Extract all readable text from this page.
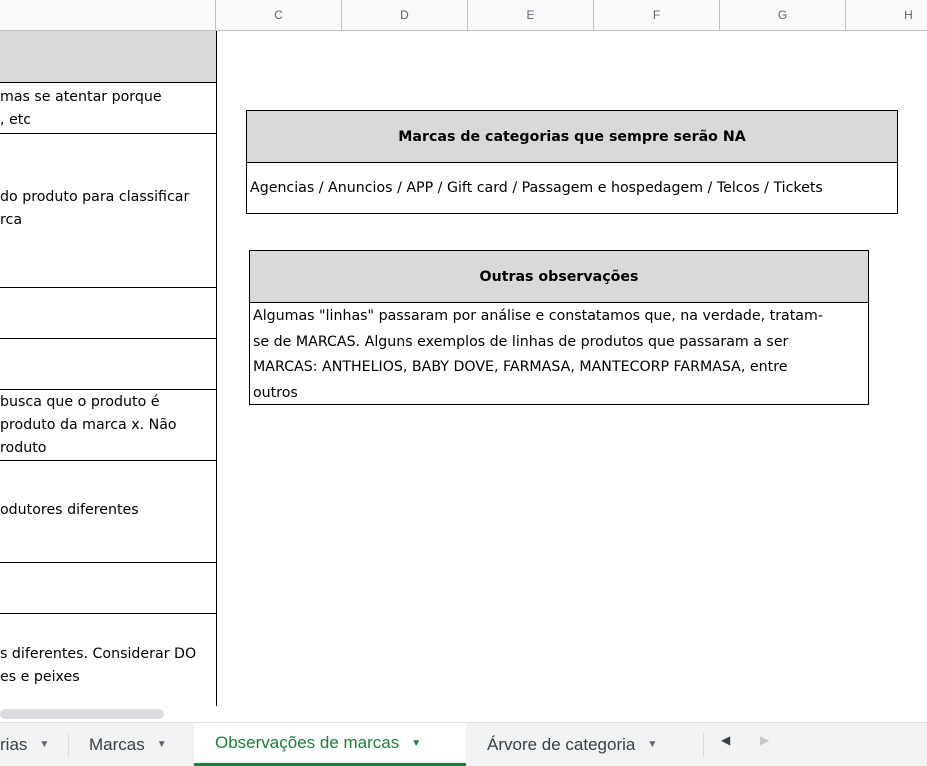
C	D	E	F	G	H
mas se atentar porque
, etc
do produto para classificar
rca
busca que o produto é
produto da marca x. Não
roduto
odutores diferentes
s diferentes. Considerar DO
es e peixes
Marcas de categorias que sempre serão NA
Agencias / Anuncios / APP / Gift card / Passagem e hospedagem / Telcos / Tickets
Outras observações
Algumas "linhas" passaram por análise e constatamos que, na verdade, tratam-
se de MARCAS. Alguns exemplos de linhas de produtos que passaram a ser
MARCAS: ANTHELIOS, BABY DOVE, FARMASA, MANTECORP FARMASA, entre
outros
rias ▼ Marcas ▼	Observações de marcas ▼	Árvore de categoria ▼	◀ ▶
